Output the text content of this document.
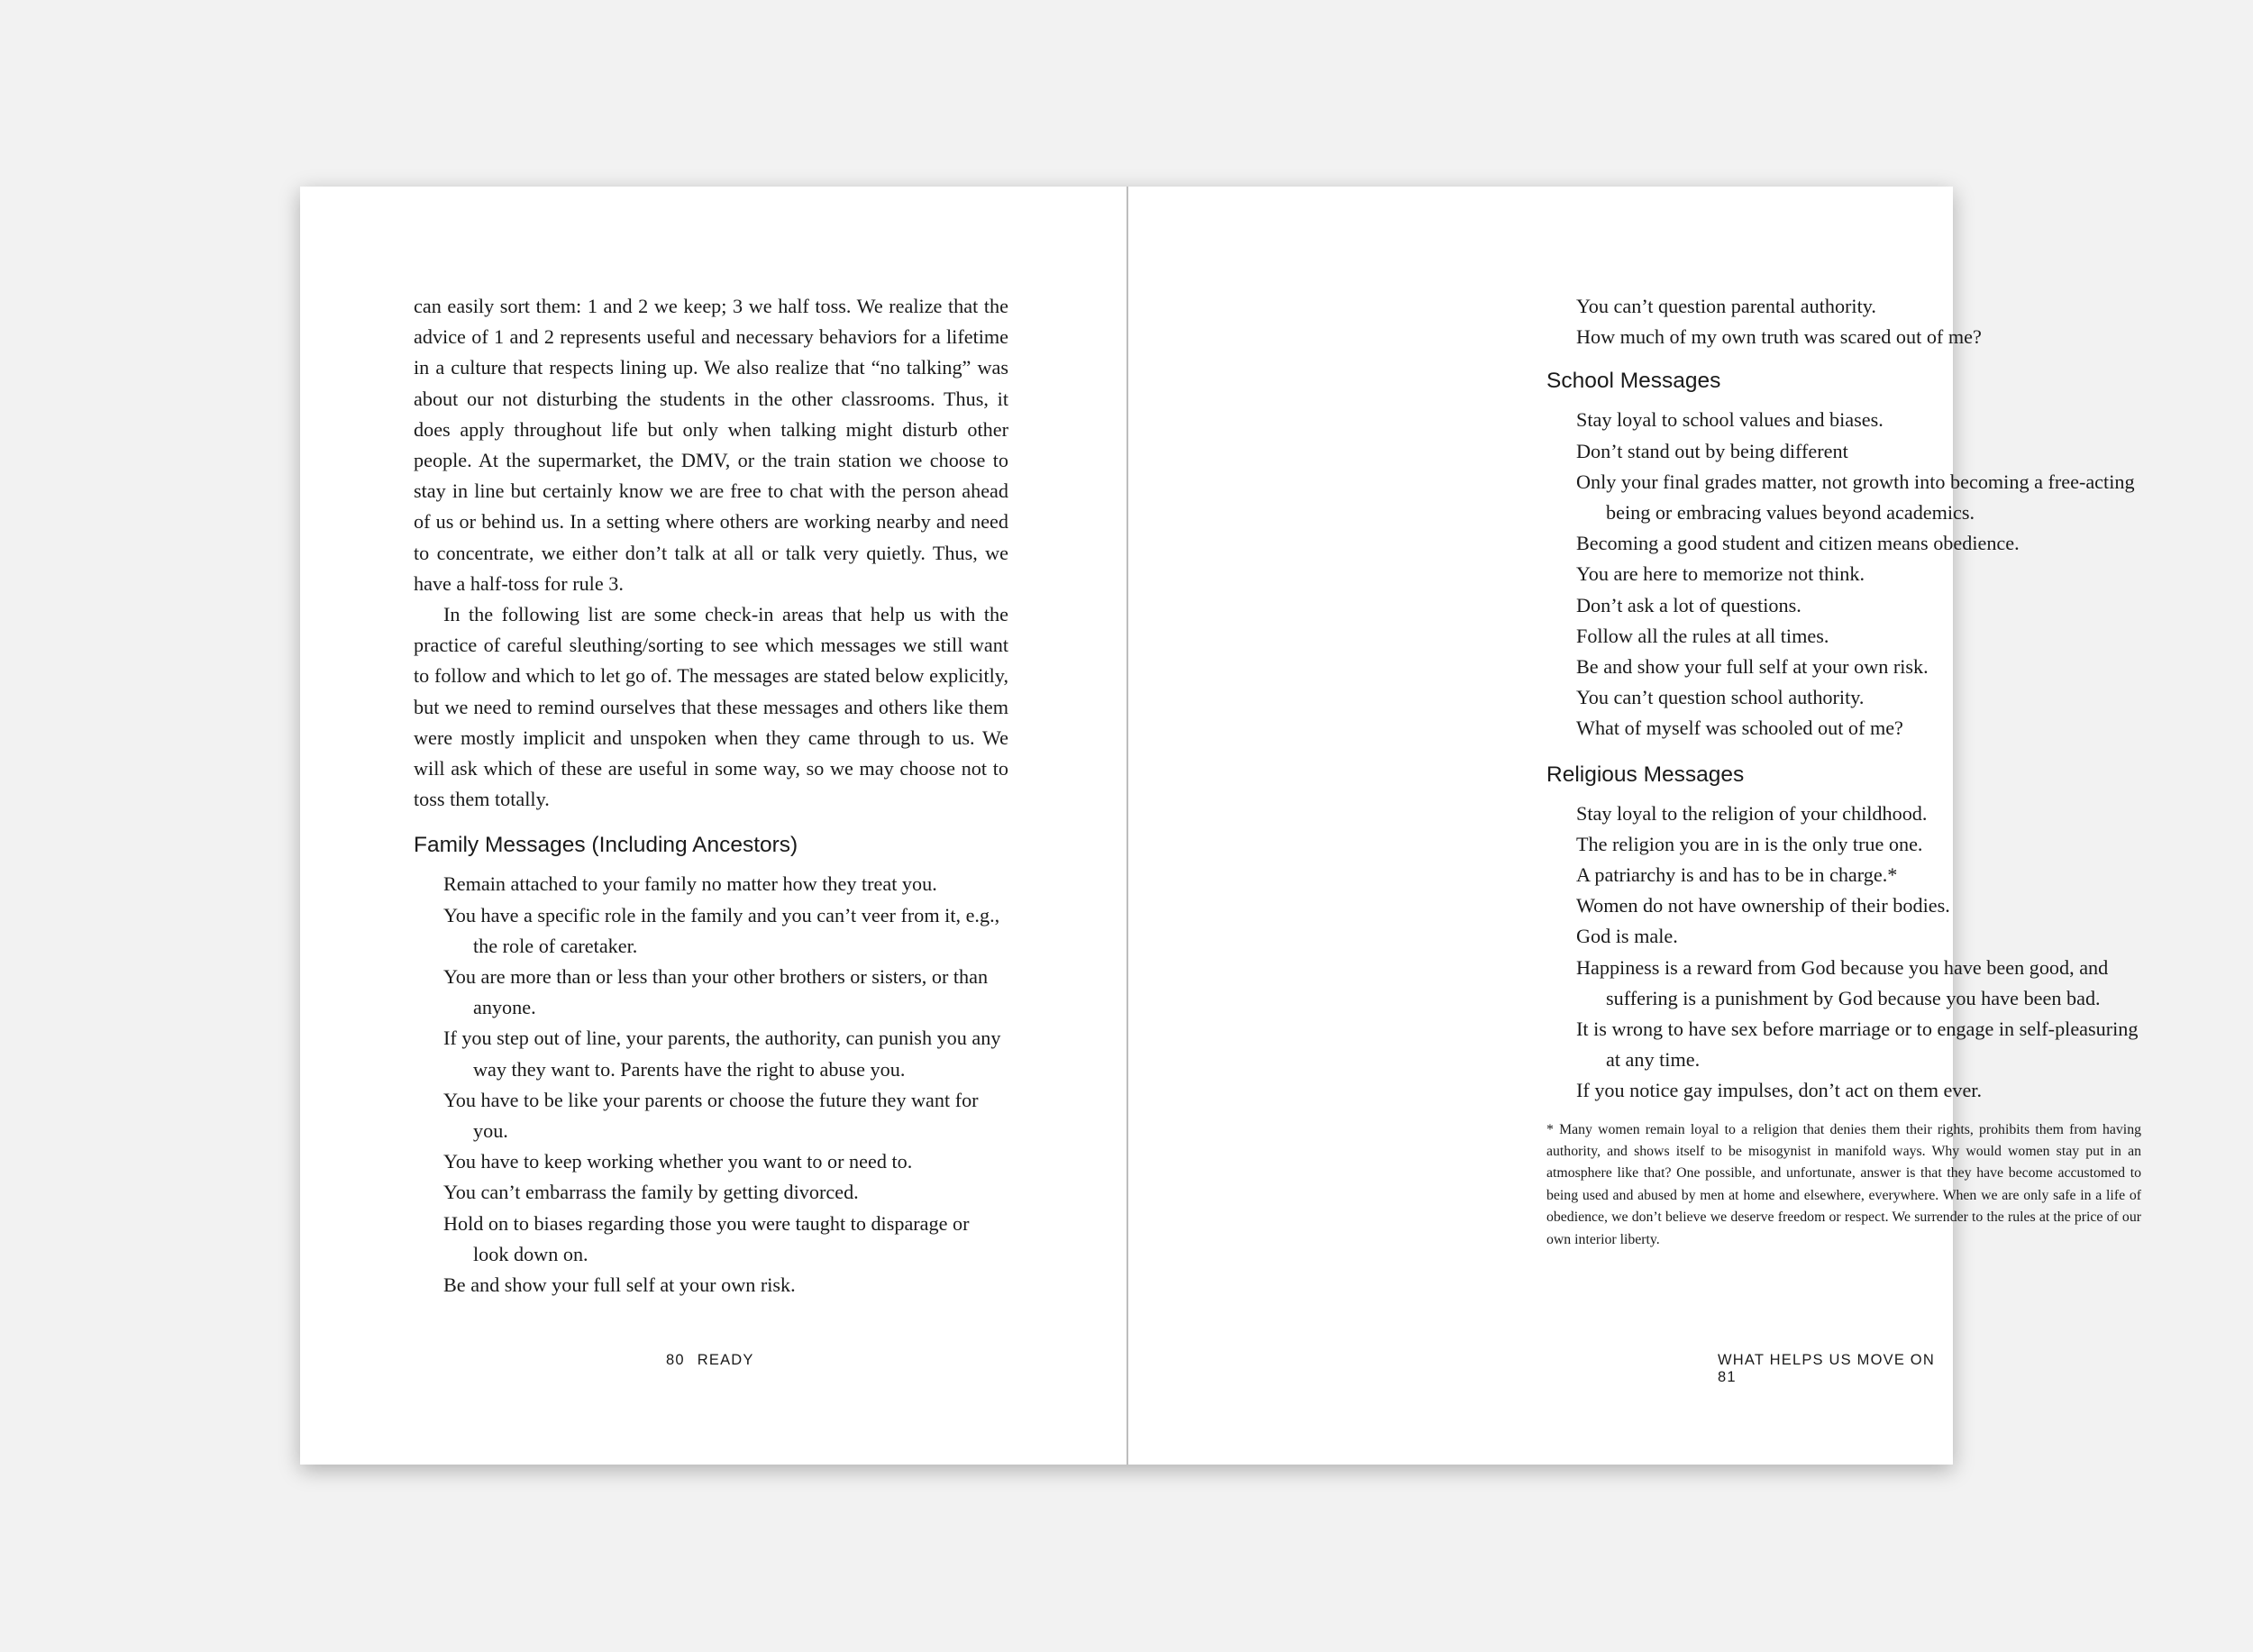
can easily sort them: 1 and 2 we keep; 3 we half toss. We realize that the advice of 1 and 2 represents useful and necessary behaviors for a lifetime in a culture that respects lining up. We also realize that “no talking” was about our not disturbing the students in the other classrooms. Thus, it does apply throughout life but only when talking might disturb other people. At the supermarket, the DMV, or the train station we choose to stay in line but certainly know we are free to chat with the person ahead of us or behind us. In a setting where others are working nearby and need to concentrate, we either don’t talk at all or talk very quietly. Thus, we have a half-toss for rule 3.

In the following list are some check-in areas that help us with the practice of careful sleuthing/sorting to see which messages we still want to follow and which to let go of. The messages are stated below explicitly, but we need to remind ourselves that these messages and others like them were mostly implicit and unspoken when they came through to us. We will ask which of these are useful in some way, so we may choose not to toss them totally.

Family Messages (Including Ancestors)
Remain attached to your family no matter how they treat you.
You have a specific role in the family and you can’t veer from it, e.g., the role of caretaker.
You are more than or less than your other brothers or sisters, or than anyone.
If you step out of line, your parents, the authority, can punish you any way they want to. Parents have the right to abuse you.
You have to be like your parents or choose the future they want for you.
You have to keep working whether you want to or need to.
You can’t embarrass the family by getting divorced.
Hold on to biases regarding those you were taught to disparage or look down on.
Be and show your full self at your own risk.
80 READY
You can’t question parental authority.
How much of my own truth was scared out of me?
School Messages
Stay loyal to school values and biases.
Don’t stand out by being different
Only your final grades matter, not growth into becoming a free-acting being or embracing values beyond academics.
Becoming a good student and citizen means obedience.
You are here to memorize not think.
Don’t ask a lot of questions.
Follow all the rules at all times.
Be and show your full self at your own risk.
You can’t question school authority.
What of myself was schooled out of me?
Religious Messages
Stay loyal to the religion of your childhood.
The religion you are in is the only true one.
A patriarchy is and has to be in charge.*
Women do not have ownership of their bodies.
God is male.
Happiness is a reward from God because you have been good, and suffering is a punishment by God because you have been bad.
It is wrong to have sex before marriage or to engage in self-pleasuring at any time.
If you notice gay impulses, don’t act on them ever.

* Many women remain loyal to a religion that denies them their rights, prohibits them from having authority, and shows itself to be misogynist in manifold ways. Why would women stay put in an atmosphere like that? One possible, and unfortunate, answer is that they have become accustomed to being used and abused by men at home and elsewhere, everywhere. When we are only safe in a life of obedience, we don’t believe we deserve freedom or respect. We surrender to the rules at the price of our own interior liberty.

WHAT HELPS US MOVE ON81
